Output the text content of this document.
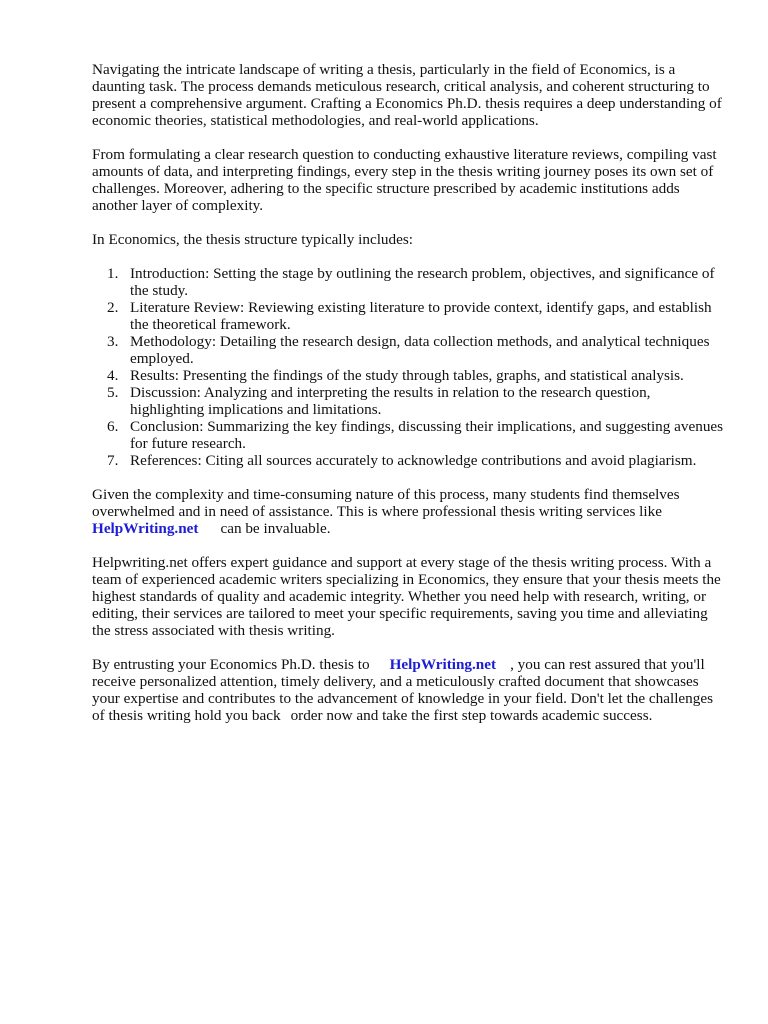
Navigating the intricate landscape of writing a thesis, particularly in the field of Economics, is a daunting task. The process demands meticulous research, critical analysis, and coherent structuring to present a comprehensive argument. Crafting a Economics Ph.D. thesis requires a deep understanding of economic theories, statistical methodologies, and real-world applications.

From formulating a clear research question to conducting exhaustive literature reviews, compiling vast amounts of data, and interpreting findings, every step in the thesis writing journey poses its own set of challenges. Moreover, adhering to the specific structure prescribed by academic institutions adds another layer of complexity.

In Economics, the thesis structure typically includes:

1. Introduction: Setting the stage by outlining the research problem, objectives, and significance of the study.
2. Literature Review: Reviewing existing literature to provide context, identify gaps, and establish the theoretical framework.
3. Methodology: Detailing the research design, data collection methods, and analytical techniques employed.
4. Results: Presenting the findings of the study through tables, graphs, and statistical analysis.
5. Discussion: Analyzing and interpreting the results in relation to the research question, highlighting implications and limitations.
6. Conclusion: Summarizing the key findings, discussing their implications, and suggesting avenues for future research.
7. References: Citing all sources accurately to acknowledge contributions and avoid plagiarism.

Given the complexity and time-consuming nature of this process, many students find themselves overwhelmed and in need of assistance. This is where professional thesis writing services like HelpWriting.net can be invaluable.

Helpwriting.net offers expert guidance and support at every stage of the thesis writing process. With a team of experienced academic writers specializing in Economics, they ensure that your thesis meets the highest standards of quality and academic integrity. Whether you need help with research, writing, or editing, their services are tailored to meet your specific requirements, saving you time and alleviating the stress associated with thesis writing.

By entrusting your Economics Ph.D. thesis to HelpWriting.net , you can rest assured that you'll receive personalized attention, timely delivery, and a meticulously crafted document that showcases your expertise and contributes to the advancement of knowledge in your field. Don't let the challenges of thesis writing hold you back order now and take the first step towards academic success.
